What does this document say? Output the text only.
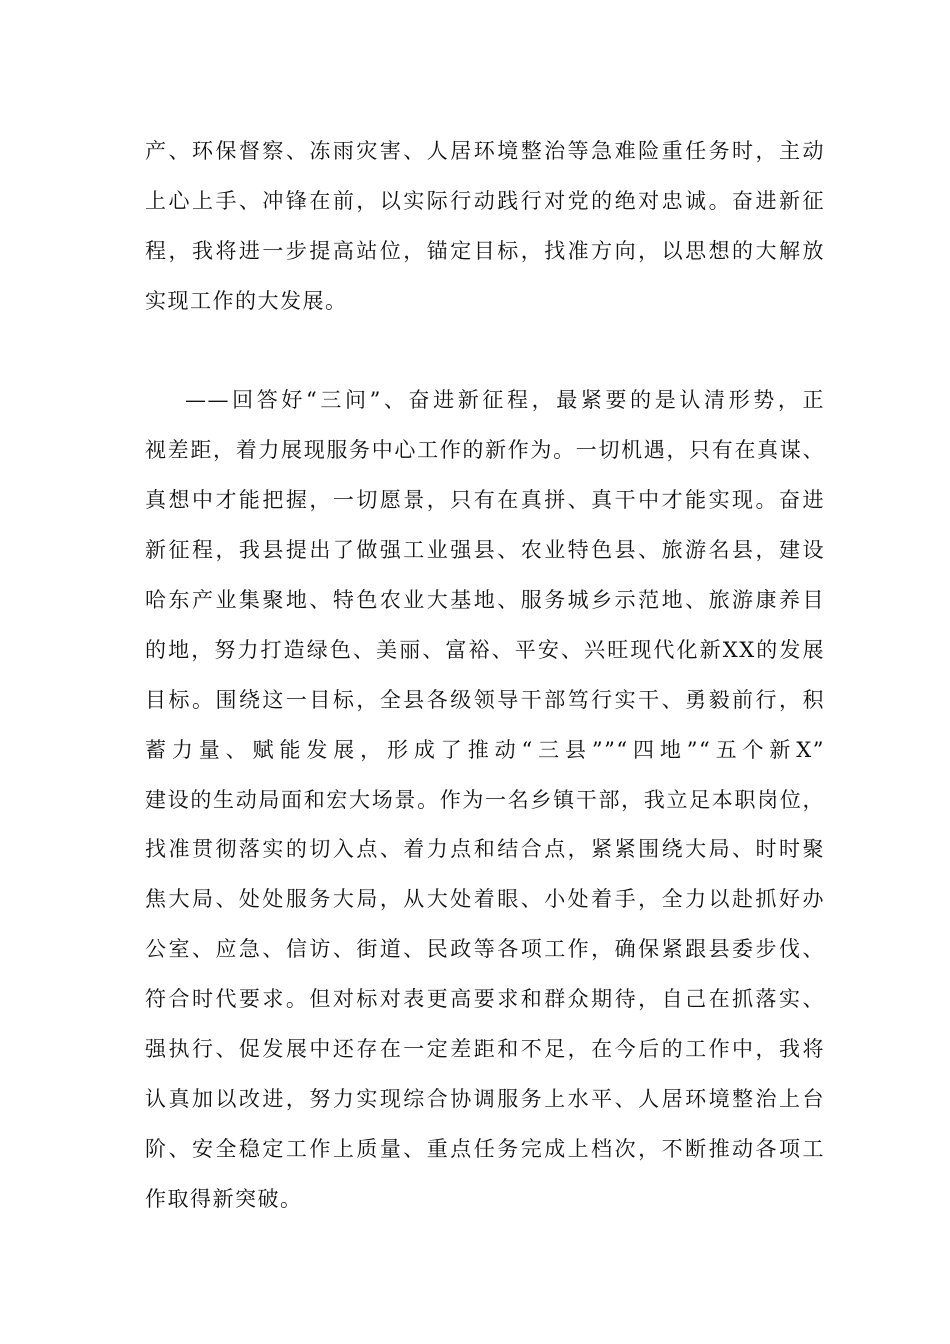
产、环保督察、冻雨灾害、人居环境整治等急难险重任务时，主动
上心上手、冲锋在前，以实际行动践行对党的绝对忠诚。奋进新征
程，我将进一步提高站位，锚定目标，找准方向，以思想的大解放
实现工作的大发展。
——回答好“三问”、奋进新征程，最紧要的是认清形势，正
视差距，着力展现服务中心工作的新作为。一切机遇，只有在真谋、
真想中才能把握，一切愿景，只有在真拼、真干中才能实现。奋进
新征程，我县提出了做强工业强县、农业特色县、旅游名县，建设
哈东产业集聚地、特色农业大基地、服务城乡示范地、旅游康养目
的地，努力打造绿色、美丽、富裕、平安、兴旺现代化新XX的发展
目标。围绕这一目标，全县各级领导干部笃行实干、勇毅前行，积
蓄力量、赋能发展，形成了推动“三县””“四地”“五个新X”
建设的生动局面和宏大场景。作为一名乡镇干部，我立足本职岗位，
找准贯彻落实的切入点、着力点和结合点，紧紧围绕大局、时时聚
焦大局、处处服务大局，从大处着眼、小处着手，全力以赴抓好办
公室、应急、信访、街道、民政等各项工作，确保紧跟县委步伐、
符合时代要求。但对标对表更高要求和群众期待，自己在抓落实、
强执行、促发展中还存在一定差距和不足，在今后的工作中，我将
认真加以改进，努力实现综合协调服务上水平、人居环境整治上台
阶、安全稳定工作上质量、重点任务完成上档次，不断推动各项工
作取得新突破。
